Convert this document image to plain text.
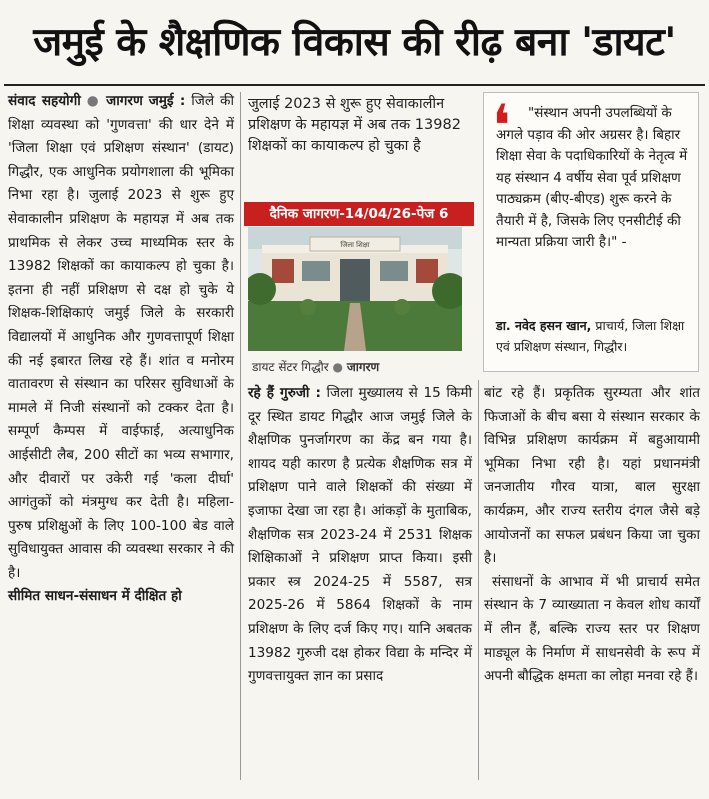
जमुई के शैक्षणिक विकास की रीढ़ बना 'डायट'

संवाद सहयोगी ● जागरण जमुई : जिले की शिक्षा व्यवस्था को 'गुणवत्ता' की धार देने में 'जिला शिक्षा एवं प्रशिक्षण संस्थान' (डायट) गिद्धौर, एक आधुनिक प्रयोगशाला की भूमिका निभा रहा है। जुलाई 2023 से शुरू हुए सेवाकालीन प्रशिक्षण के महायज्ञ में अब तक प्राथमिक से लेकर उच्च माध्यमिक स्तर के 13982 शिक्षकों का कायाकल्प हो चुका है। इतना ही नहीं प्रशिक्षण से दक्ष हो चुके ये शिक्षक-शिक्षिकाएं जमुई जिले के सरकारी विद्यालयों में आधुनिक और गुणवत्तापूर्ण शिक्षा की नई इबारत लिख रहे हैं। शांत व मनोरम वातावरण से संस्थान का परिसर सुविधाओं के मामले में निजी संस्थानों को टक्कर देता है। सम्पूर्ण कैम्पस में वाईफाई, अत्याधुनिक आईसीटी लैब, 200 सीटों का भव्य सभागार, और दीवारों पर उकेरी गई 'कला दीर्घा' आगंतुकों को मंत्रमुग्ध कर देती है। महिला-पुरुष प्रशिक्षुओं के लिए 100-100 बेड वाले सुविधायुक्त आवास की व्यवस्था सरकार ने की है।

सीमित साधन-संसाधन में दीक्षित हो

जुलाई 2023 से शुरू हुए सेवाकालीन प्रशिक्षण के महायज्ञ में अब तक 13982 शिक्षकों का कायाकल्प हो चुका है
दैनिक जागरण-14/04/26-पेज 6
जिला शिक्षा
डायट सेंटर गिद्धौर ● जागरण

रहे हैं गुरुजी : जिला मुख्यालय से 15 किमी दूर स्थित डायट गिद्धौर आज जमुई जिले के शैक्षणिक पुनर्जागरण का केंद्र बन गया है। शायद यही कारण है प्रत्येक शैक्षणिक सत्र में प्रशिक्षण पाने वाले शिक्षकों की संख्या में इजाफा देखा जा रहा है। आंकड़ों के मुताबिक, शैक्षणिक सत्र 2023-24 में 2531 शिक्षक शिक्षिकाओं ने प्रशिक्षण प्राप्त किया। इसी प्रकार स्त्र 2024-25 में 5587, सत्र 2025-26 में 5864 शिक्षकों के नाम प्रशिक्षण के लिए दर्ज किए गए। यानि अबतक 13982 गुरुजी दक्ष होकर विद्या के मन्दिर में गुणवत्तायुक्त ज्ञान का प्रसाद

❛	"संस्थान अपनी उपलब्धियों के अगले पड़ाव की ओर अग्रसर है। बिहार शिक्षा सेवा के पदाधिकारियों के नेतृत्व में यह संस्थान 4 वर्षीय सेवा पूर्व प्रशिक्षण पाठ्यक्रम (बीए-बीएड) शुरू करने के तैयारी में है, जिसके लिए एनसीटीई की मान्यता प्रक्रिया जारी है।" -
डा. नवेद हसन खान, प्राचार्य, जिला शिक्षा एवं प्रशिक्षण संस्थान, गिद्धौर।

बांट रहे हैं। प्रकृतिक सुरम्यता और शांत फिजाओं के बीच बसा ये संस्थान सरकार के विभिन्न प्रशिक्षण कार्यक्रम में बहुआयामी भूमिका निभा रही है। यहां प्रधानमंत्री जनजातीय गौरव यात्रा, बाल सुरक्षा कार्यक्रम, और राज्य स्तरीय दंगल जैसे बड़े आयोजनों का सफल प्रबंधन किया जा चुका है।

संसाधनों के आभाव में भी प्राचार्य समेत संस्थान के 7 व्याख्याता न केवल शोध कार्यों में लीन हैं, बल्कि राज्य स्तर पर शिक्षण माड्यूल के निर्माण में साधनसेवी के रूप में अपनी बौद्धिक क्षमता का लोहा मनवा रहे हैं।
